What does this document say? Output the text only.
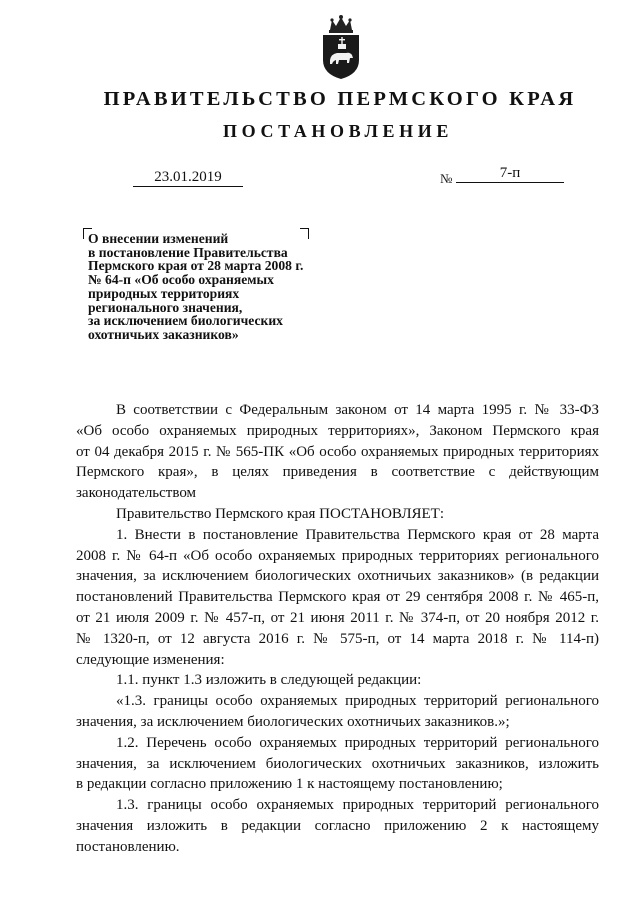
ПРАВИТЕЛЬСТВО ПЕРМСКОГО КРАЯ
ПОСТАНОВЛЕНИЕ
23.01.2019	№	7-п
О внесении изменений
в постановление Правительства
Пермского края от 28 марта 2008 г.
№ 64-п «Об особо охраняемых
природных территориях
регионального значения,
за исключением биологических
охотничьих заказников»
В соответствии с Федеральным законом от 14 марта 1995 г. № 33-ФЗ
«Об особо охраняемых природных территориях», Законом Пермского края
от 04 декабря 2015 г. № 565-ПК «Об особо охраняемых природных территориях
Пермского края», в целях приведения в соответствие с действующим
законодательством
Правительство Пермского края ПОСТАНОВЛЯЕТ:
1. Внести в постановление Правительства Пермского края от 28 марта
2008 г. № 64-п «Об особо охраняемых природных территориях регионального
значения, за исключением биологических охотничьих заказников» (в редакции
постановлений Правительства Пермского края от 29 сентября 2008 г. № 465-п,
от 21 июля 2009 г. № 457-п, от 21 июня 2011 г. № 374-п, от 20 ноября 2012 г.
№ 1320-п, от 12 августа 2016 г. № 575-п, от 14 марта 2018 г. № 114-п)
следующие изменения:
1.1. пункт 1.3 изложить в следующей редакции:
«1.3. границы особо охраняемых природных территорий регионального
значения, за исключением биологических охотничьих заказников.»;
1.2. Перечень особо охраняемых природных территорий регионального
значения, за исключением биологических охотничьих заказников, изложить
в редакции согласно приложению 1 к настоящему постановлению;
1.3. границы особо охраняемых природных территорий регионального
значения изложить в редакции согласно приложению 2 к настоящему
постановлению.
